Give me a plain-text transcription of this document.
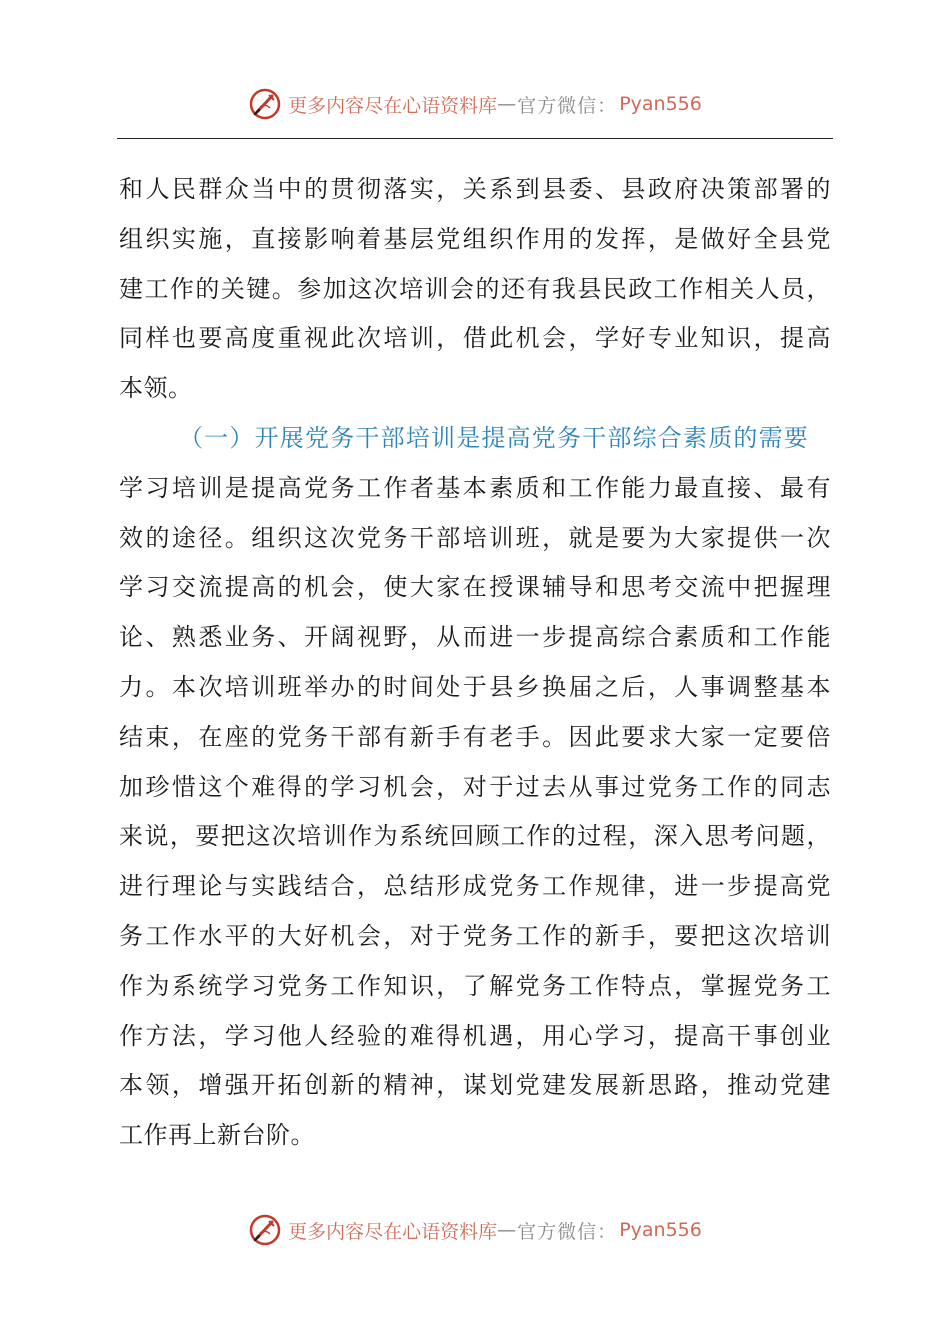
更多内容尽在心语资料库 — 官方微信： Pyan556
和人民群众当中的贯彻落实，关系到县委、县政府决策部署的
组织实施，直接影响着基层党组织作用的发挥，是做好全县党
建工作的关键。参加这次培训会的还有我县民政工作相关人员，
同样也要高度重视此次培训，借此机会，学好专业知识，提高
本领。
（一）开展党务干部培训是提高党务干部综合素质的需要
学习培训是提高党务工作者基本素质和工作能力最直接、最有
效的途径。组织这次党务干部培训班，就是要为大家提供一次
学习交流提高的机会，使大家在授课辅导和思考交流中把握理
论、熟悉业务、开阔视野，从而进一步提高综合素质和工作能
力。本次培训班举办的时间处于县乡换届之后，人事调整基本
结束，在座的党务干部有新手有老手。因此要求大家一定要倍
加珍惜这个难得的学习机会，对于过去从事过党务工作的同志
来说，要把这次培训作为系统回顾工作的过程，深入思考问题，
进行理论与实践结合，总结形成党务工作规律，进一步提高党
务工作水平的大好机会，对于党务工作的新手，要把这次培训
作为系统学习党务工作知识，了解党务工作特点，掌握党务工
作方法，学习他人经验的难得机遇，用心学习，提高干事创业
本领，增强开拓创新的精神，谋划党建发展新思路，推动党建
工作再上新台阶。
更多内容尽在心语资料库 — 官方微信： Pyan556
